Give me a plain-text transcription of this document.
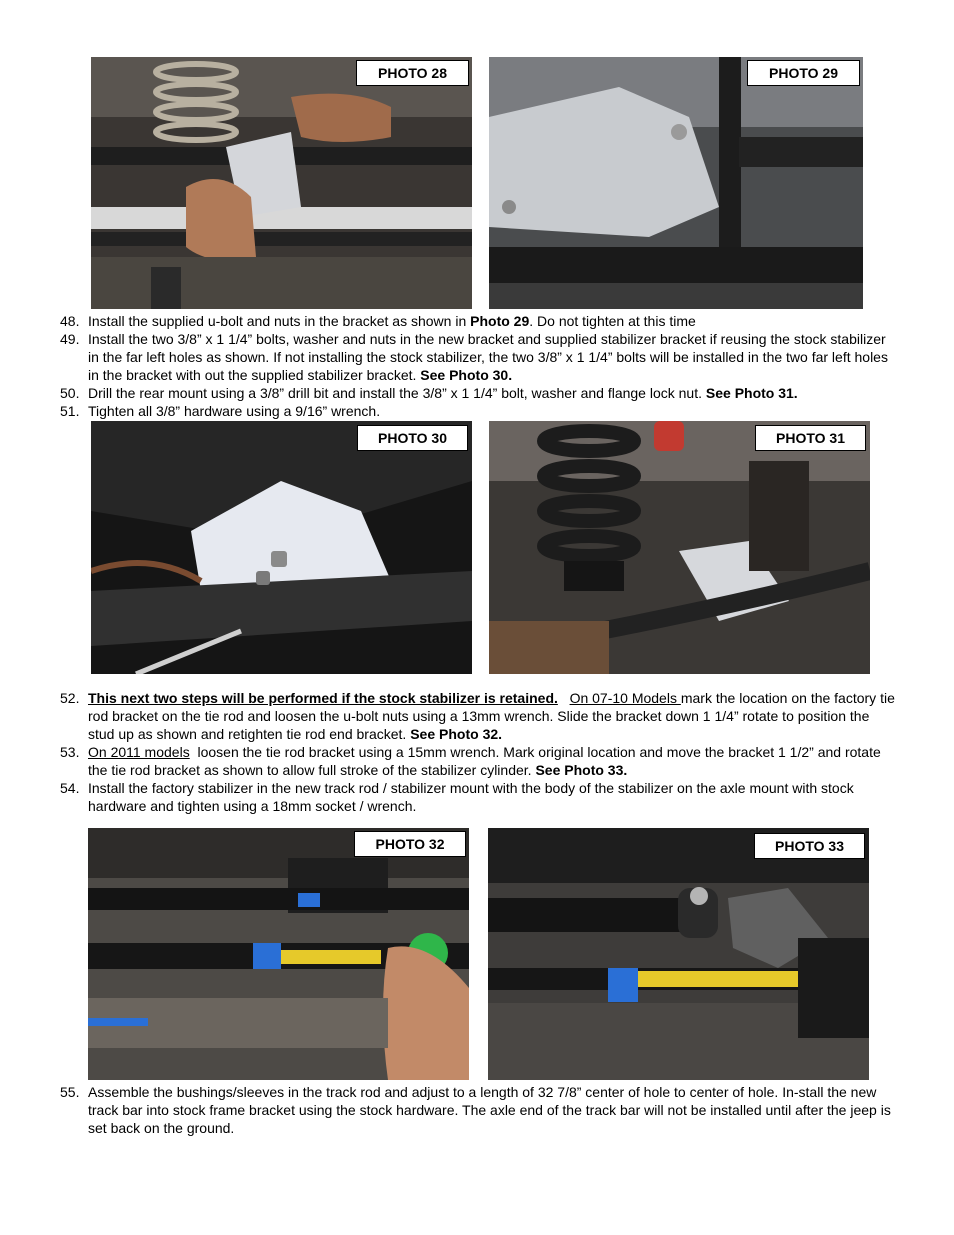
PHOTO 28	PHOTO 29
48. Install the supplied u-bolt and nuts in the bracket as shown in Photo 29. Do not tighten at this time
49. Install the two 3/8” x 1 1/4” bolts, washer and nuts in the new bracket and supplied stabilizer bracket if reusing the stock stabilizer in the far left holes as shown. If not installing the stock stabilizer, the two 3/8” x 1 1/4” bolts will be installed in the two far left holes in the bracket with out the supplied stabilizer bracket. See Photo 30.
50. Drill the rear mount using a 3/8” drill bit and install the 3/8” x 1 1/4” bolt, washer and flange lock nut. See Photo 31.
51. Tighten all 3/8” hardware using a 9/16” wrench.
PHOTO 30	PHOTO 31
52. This next two steps will be performed if the stock stabilizer is retained. On 07-10 Models mark the location on the factory tie rod bracket on the tie rod and loosen the u-bolt nuts using a 13mm wrench. Slide the bracket down 1 1/4” rotate to position the stud up as shown and retighten tie rod end bracket. See Photo 32.
53. On 2011 models  loosen the tie rod bracket using a 15mm wrench. Mark original location and move the bracket 1 1/2” and rotate the tie rod bracket as shown to allow full stroke of the stabilizer cylinder. See Photo 33.
54. Install the factory stabilizer in the new track rod / stabilizer mount with the body of the stabilizer on the axle mount with stock hardware and tighten using a 18mm socket / wrench.
PHOTO 32	PHOTO 33
55. Assemble the bushings/sleeves in the track rod and adjust to a length of 32 7/8” center of hole to center of hole. In-stall the new track bar into stock frame bracket using the stock hardware. The axle end of the track bar will not be installed until after the jeep is set back on the ground.
